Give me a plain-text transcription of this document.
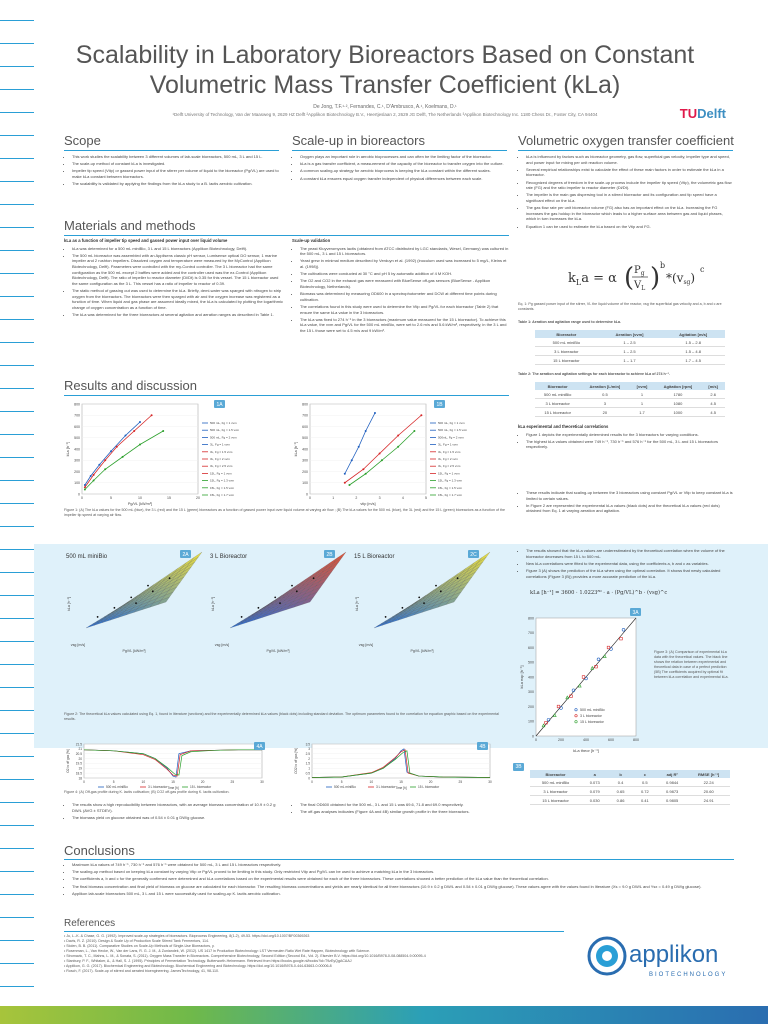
Scalability in Laboratory Bioreactors Based on Constant Volumetric Mass Transfer Coefficient (kLa)
De Jong, T.F.¹·², Fernandes, C.¹, D'Ambrusco, A.¹, Koelmans, D.¹
¹Delft University of Technology, Van der Maasweg 9, 2629 HZ Delft ²Applikon Biotechnology B.V., Heertjeslaan 2, 2629 JG Delft, The Netherlands ³Applikon Biotechnology Inc. 1180 Chess Dr., Foster City, CA 94404	TUDelft
Scope
• This work studies the scalability between 3 different volumes of lab-scale bioreactors, 500 mL, 3 L and 15 L.
• The scale-up method of constant kLa is investigated.
• Impeller tip speed (Vtip) or gassed power input of the stirrer per volume of liquid to the bioreactor (Pg/VL) are used to make kLa constant between bioreactors.
• The scalability is validated by applying the findings from the kLa study to a B. lactis aerobic cultivation.
Scale-up in bioreactors
• Oxygen plays an important role in aerobic bioprocesses and can often be the limiting factor of the bioreactor.
• kLa is a gas transfer coefficient, a measurement of the capacity of the bioreactor to transfer oxygen into the culture.
• A common scaling-up strategy for aerobic bioprocess is keeping the kLa constant within the different scales.
• A constant kLa ensures equal oxygen transfer independent of physical differences between each scale.
Volumetric oxygen transfer coefficient
• kLa is influenced by factors such as bioreactor geometry, gas flow, superficial gas velocity, impeller type and speed, and power input for mixing per unit reaction volume.
• Several empirical relationships exist to calculate the effect of these main factors in order to estimate the kLa in a bioreactor.
• Recognized degrees of freedom in the scale-up process include the impeller tip speed (Vtip), the volumetric gas flow rate (FG) and the ratio impeller to reactor diameter (Di/Dt).
• The impeller is the main gas dispersing tool in a stirred bioreactor and its configuration and tip speed have a significant effect on the kLa.
• The gas flow rate per unit bioreactor volume (FG) also has an important effect on the kLa. Increasing the FG increases the gas holdup in the bioreactor which leads to a higher surface area between gas and liquid phases, which in turn increases the kLa.
• Equation 1 can be used to estimate the kLa based on the Vtip and FG.
$k_La = \alpha$ ( $P_g$
$V_L$ ) b
*(vsg)
c
Eq. 1: Pg gassed power input of the stirrer, VL the liquid volume of the reactor, vsg the superficial gas velocity and a, b and c are constants.
Table 1: Aeration and agitation range used to determine kLa.
Bioreactor	Aeration [vvm]	Agitation [m/s]
500 mL miniBio	1 – 2.5	1.5 – 2.8
3 L bioreactor	1 – 2.5	1.5 – 4.8
15 L bioreactor	1 – 1.7	1.7 – 4.5
Table 2: The aeration and agitation settings for each bioreactor to achieve kLa of 274 h⁻¹.
Bioreactor	Aeration [L/min]	[vvm]	Agitation [rpm]	[m/s]
500 mL miniBio	0.5	1	1780	2.6
3 L bioreactor	3	1	1080	4.5
15 L bioreactor	20	1.7	1000	4.5
kLa experimental and theoretical correlations
• Figure 1 depicts the experimentally determined results for the 3 bioreactors for varying conditions.
• The highest kLa values obtained were 749 h⁻¹, 730 h⁻¹ and 576 h⁻¹ for the 500 mL, 3 L and 15 L bioreactors respectively.
• These results indicate that scaling-up between the 3 bioreactors using constant Pg/VL or Vtip to keep constant kLa is limited to certain values.
• In Figure 2 are represented the experimental kLa values (black dots) and the theoretical kLa values (red dots) obtained from Eq. 1 at varying aeration and agitation.
Materials and methods
kLa as a function of impeller tip speed and gassed power input over liquid volume
• kLa was determined for a 500 mL miniBio, 3 L and 15 L bioreactors (Applikon Biotechnology, Delft).
• The 500 mL bioreactor was assembled with an Applisens classic pH sensor, Lumisense optical DO sensor, 1 marine impeller and 2 rushton impellers. Dissolved oxygen and temperature were measured by the MyControl (Applikon Biotechnology, Delft). Parameters were controlled with the my-Control controller. The 3 L bioreactor had the same configuration as the 500 mL except 2 baffles were added and the controller used was the ez-Control (Applikon Biotechnology, Delft). The ratio of impeller to reactor diameter (Di/Dt) is 0.35 for this vessel. The 15 L bioreactor used the same configuration as the 3 L. This vessel has a ratio of impeller to reactor of 0.39.
• The static method of gassing out was used to determine the kLa. Briefly, demi-water was sparged with nitrogen to strip oxygen from the bioreactors. The bioreactors were then sparged with air and the oxygen increase was registered as a function of time. When liquid and gas phase are assumed ideally mixed, the kLa is calculated by plotting the logarithmic change of oxygen concentration as a function of time.
• The kLa was determined for the three bioreactors at several agitation and aeration ranges as described in Table 1.
Scale-up validation
• The yeast Kluyveromyces lactis (obtained from ATCC distributed by LGC standards, Wesel, Germany) was cultured in the 500 mL, 3 L and 15 L bioreactors.
• Yeast grew in minimal medium described by Verduyn et al. (1992) (inoculum used was increased to 5 mg/L, Kleins et al. (1998)).
• The cultivations were conducted at 30 °C and pH 5 by automatic addition of 4 M KOH.
• The O2 and CO2 in the exhaust gas were measured with BlueSense off-gas sensors (BlueSense - Applikon Biotechnology, Netherlands).
• Biomass was determined by measuring OD600 in a spectrophotometer and DCW at different time points during cultivation.
• The correlations found in this study were used to determine the Vtip and Pg/VL for each bioreactor (Table 2) that ensure the same kLa value in the 3 bioreactors.
• The kLa was fixed to 274 h⁻¹ in the 3 bioreactors (maximum value measured for the 15 L bioreactor). To achieve this kLa value, the vvm and Pg/VL for the 500 mL miniBio, were set to 2.6 m/s and 5.6 kW/m³, respectively, in the 3 L and the 15 L those were set to 4.5 m/s and 9 kW/m³.
Results and discussion
0
100
200
300
400
500
600
700
800
0	5	10	15	20
Pg/VL [kW/m³]
kLa [h⁻¹]
500 mL, Fg = 1 vvm
500 mL, Fg = 1.5 vvm
500 mL, Fg = 2 vvm
3L, Fg = 1 vvm
3L, Fg = 1.5 vvm
3L, Fg = 2 vvm
3L, Fg = 2.5 vvm
15L, Fg = 1 vvm
15L, Fg = 1.3 vvm
15L, Fg = 1.5 vvm
15L, Fg = 1.7 vvm
1A
0
100
200
300
400
500
600
700
800
0	1	2	3	4	5
vtip [m/s]
kLa [h⁻¹]
500 mL, Fg = 1 vvm
500 mL, Fg = 1.5 vvm
500mL, Fg = 2 vvm
3L, Fg = 1 vvm
3L, Fg = 1.5 vvm
3L, Fg = 2 vvm
3L, Fg = 2.5 vvm
15L, Fg = 1 vvm
15L, Fg = 1.3 vvm
15L, Fg = 1.5 vvm
15L, Fg = 1.7 vvm
1B
Figure 1: (A) The kLa values for the 500 mL (blue), the 3 L (red) and the 15 L (green) bioreactors as a function of gassed power input over liquid volume at varying air flow ; (B) The kLa values for the 500 mL (blue), the 3L (red) and the 15 L (green) bioreactors as a function of the impeller tip speed at varying air flow.
500 mL miniBio	2A
Pg/VL [kW/m³]
vsg [m/s]
kLa [h⁻¹]
3 L Bioreactor	2B
Pg/VL [kW/m³]
vsg [m/s]
kLa [h⁻¹]
15 L Bioreactor	2C
Pg/VL [kW/m³]
vsg [m/s]
kLa [h⁻¹]
Figure 2: The theoretical kLa values calculated using Eq. 1, found in literature (sections) and the experimentally determined kLa values (black dots) including standard deviation. The optimum parameters found to the correlation for equation graphic based on the experimental results.
18
18.5
19
19.5
20
20.5
21
21.5
0	5	10	15	20	25	30
Time [h]
O2 in off gas [%]
500 mL miniBio	3 L bioreactor	15 L bioreactor
4A
0
0.5
1
1.5
2
2.5
3
3.5
0	5	10	15	20	25	30
Time [h]
CO2 in off gas [%]
500 mL miniBio	3 L bioreactor	15 L bioreactor
4B
• The results showed that the kLa values are underestimated by the theoretical correlation when the volume of the bioreactor decreases from 15 L to 500 mL.
• New kLa correlations were fitted to the experimental data, using the coefficients a, b and c as variables.
• Figure 3 (A) shows the prediction of the kLa when using the optimal correlation. It shows that newly calculated correlations (Figure 3 (B)) provides a more accurate prediction of the kLa.
kLa [h⁻¹] = 3600 · 1.0223⁸⁰ · a · (Pg/VL)^b · (vsg)^c
0
100
200
300
400
500
600
700
800
0	200	400	600	800
kLa theor [h⁻¹]
kLa exp [h⁻¹]
500 mL miniBio
3 L bioreactor
15 L bioreactor
3A
Figure 3: (A) Comparison of experimental kLa data with the theoretical values. The black line shows the relation between experimental and theoretical data in case of a perfect prediction (5B) The coefficients acquired by optimal fit between kLa correlation and experimental kLa.
3B
Bioreactor	a	b	c	adj R²	RMSE [h⁻¹]
500 mL miniBio	0.073	0.4	0.5	0.9844	22.24
3 L bioreactor	0.079	0.65	0.72	0.9873	20.60
15 L bioreactor	0.030	0.86	0.41	0.9805	24.91
Figure 4: (A) Off-gas profile during K. lactis cultivation; (B) CO2 off-gas profile during K. lactis cultivation.
• The results show a high reproducibility between bioreactors, with an average biomass concentration of 10.9 ± 0.2 g DW/L (AVG ± STDEV).
• The biomass yield on glucose obtained was of 0.54 ± 0.01 g DW/g glucose.
• The final OD600 obtained for the 500 mL, 3 L and 15 L was 69.6, 71.8 and 69.0 respectively.
• The off-gas analyses indicates (Figure 4A and 4B) similar growth profile in the three bioreactors.
Conclusions
• Maximum kLa values of 749 h⁻¹, 730 h⁻¹ and 576 h⁻¹ were obtained for 500 mL, 3 L and 15 L bioreactors respectively.
• The scaling-up method based on keeping kLa constant by varying Vtip or Pg/VL proved to be limiting in this study. Only restricted Vtip and Pg/VL can be used to achieve a matching kLa in the 3 bioreactors.
• The coefficients a, b and c for the generally confirmed were determined and kLa correlations based on the experimental results were obtained for each of the three bioreactors. These correlations showed a better prediction of the kLa value than the theoretical correlation.
• The final biomass concentration and final yield of biomass on glucose are calculated for each bioreactor. The resulting biomass concentrations and yields are nearly identical for all three bioreactors (10.9 ± 0.2 g DW/L and 0.54 ± 0.01 g DW/g glucose). These values agree with the values found in literature (Xs = 9.0 g DW/L and Ysx = 0.49 g DW/g glucose).
• Applikon lab-scale bioreactors 500 mL, 3 L and 15 L were successfully used for scaling-up K. lactis aerobic cultivation.
References
• Ju, L.-K. & Chase, G. G. (1992). Improved scale-up strategies of bioreactors. Bioprocess Engineering, 8(1-2), 49-53. https://doi.org/10.1007/BF00369263
• Davis, R. Z. (2010). Design & Scale Up of Production Scale Stirred Tank Fermentors, 114.
• Stolen, B. B. (2011). Comparative Studies on Scale-Up Methods of Single-Use Bioreactors, y.
• Rosenman, L., Van Hecke, W., Van der Lans, R. G. J. M., & Zuniandek, W. (2012). US 1417 in Production Biotechnology: LST Vermeulen Ratio Wet Rate Happen, Biotechnology with Science.
• Stromavic, T. C., Mahns, L. M., & Sonata, S. (2011). Oxygen Mass Transfer in Bioreactors. Comprehensive Biotechnology, Second Edition (Second Ed., Vol. 2). Elsevier B.V. https://doi.org/10.1016/B978-0-08-088504-9.00095-4
• Stanbury, P. F., Whitaker, A., & Hall, S. J. (1995). Principles of Fermentation Technology. Butterworth-Heinemann. Retrieved from https://books.google.nl/books?id=T9zEyQgACAAJ
• Applikon, G. G. (2017). Biochemical Engineering and Biotechnology. Biochemical Engineering and Biotechnology. https://doi.org/10.1016/B978-0-444-63663-0.00006-8
• Rosch, F. (2017). Scale-up of stirred and aerated bioengineering. JamesTechnology, 41, 98-110.
applikon
BIOTECHNOLOGY
